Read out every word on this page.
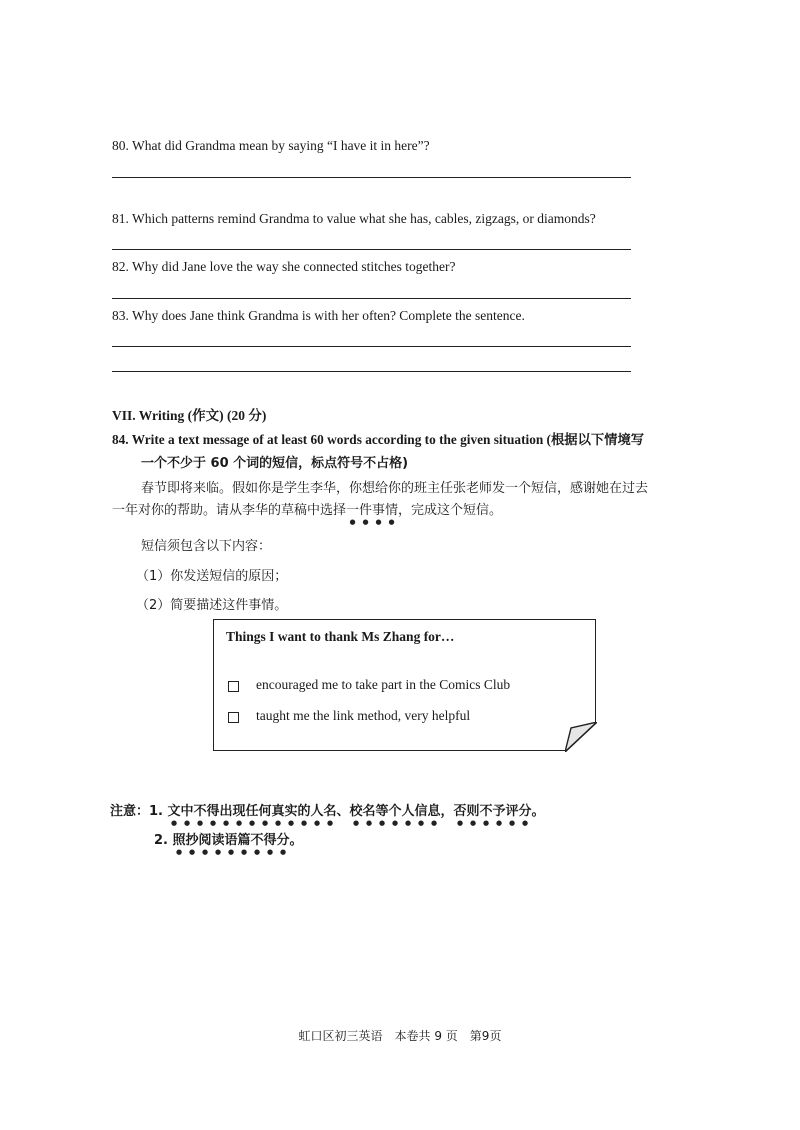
80. What did Grandma mean by saying “I have it in here”?
81. Which patterns remind Grandma to value what she has, cables, zigzags, or diamonds?
82. Why did Jane love the way she connected stitches together?
83. Why does Jane think Grandma is with her often? Complete the sentence.
VII. Writing (作文) (20 分)
84. Write a text message of at least 60 words according to the given situation (根据以下情境写
一个不少于 60 个词的短信，标点符号不占格)
春节即将来临。假如你是学生李华，你想给你的班主任张老师发一个短信，感谢她在过去
一年对你的帮助。请从李华的草稿中选择一件事情，完成这个短信。
短信须包含以下内容：
（1）你发送短信的原因；
（2）简要描述这件事情。
Things I want to thank Ms Zhang for…
encouraged me to take part in the Comics Club
taught me the link method, very helpful
注意：1. 文中不得出现任何真实的人名、校名等个人信息，否则不予评分。
2. 照抄阅读语篇不得分。
虹口区初三英语　本卷共 9 页　第9页
